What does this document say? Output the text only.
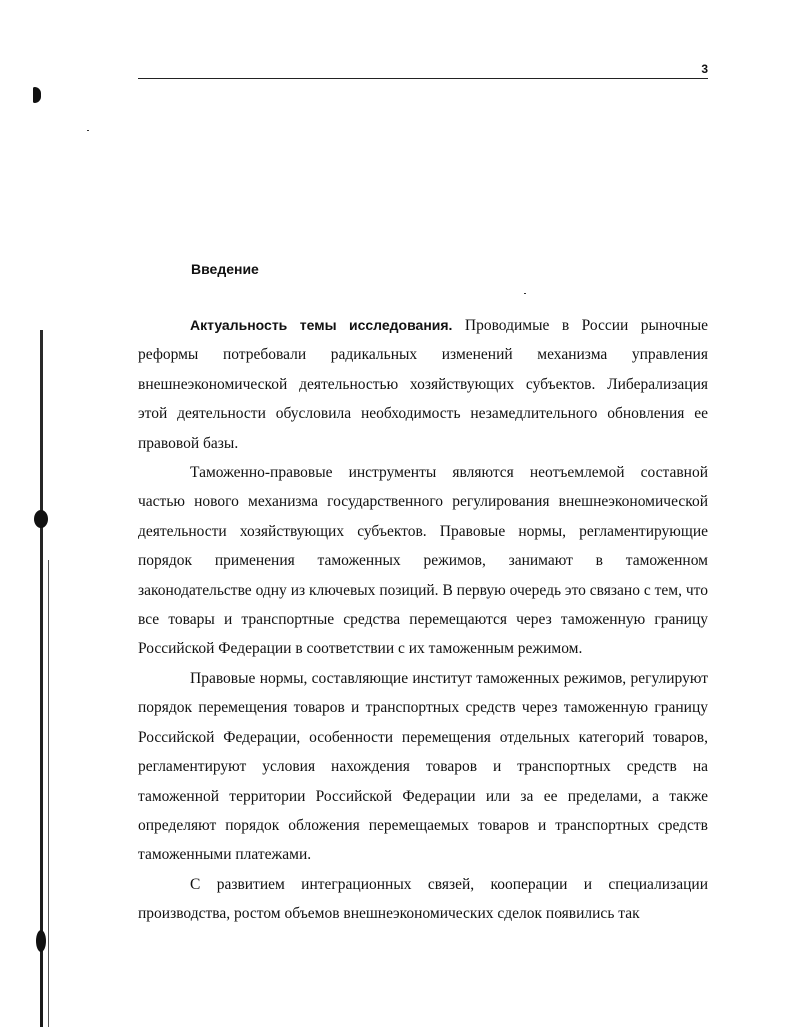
3
Введение

Актуальность темы исследования. Проводимые в России рыночные реформы потребовали радикальных изменений механизма управления внешнеэкономической деятельностью хозяйствующих субъектов. Либерализация этой деятельности обусловила необходимость незамедлительного обновления ее правовой базы.

Таможенно-правовые инструменты являются неотъемлемой составной частью нового механизма государственного регулирования внешнеэкономической деятельности хозяйствующих субъектов. Правовые нормы, регламентирующие порядок применения таможенных режимов, занимают в таможенном законодательстве одну из ключевых позиций. В первую очередь это связано с тем, что все товары и транспортные средства перемещаются через таможенную границу Российской Федерации в соответствии с их таможенным режимом.

Правовые нормы, составляющие институт таможенных режимов, регулируют порядок перемещения товаров и транспортных средств через таможенную границу Российской Федерации, особенности перемещения отдельных категорий товаров, регламентируют условия нахождения товаров и транспортных средств на таможенной территории Российской Федерации или за ее пределами, а также определяют порядок обложения перемещаемых товаров и транспортных средств таможенными платежами.

С развитием интеграционных связей, кооперации и специализации производства, ростом объемов внешнеэкономических сделок появились так
